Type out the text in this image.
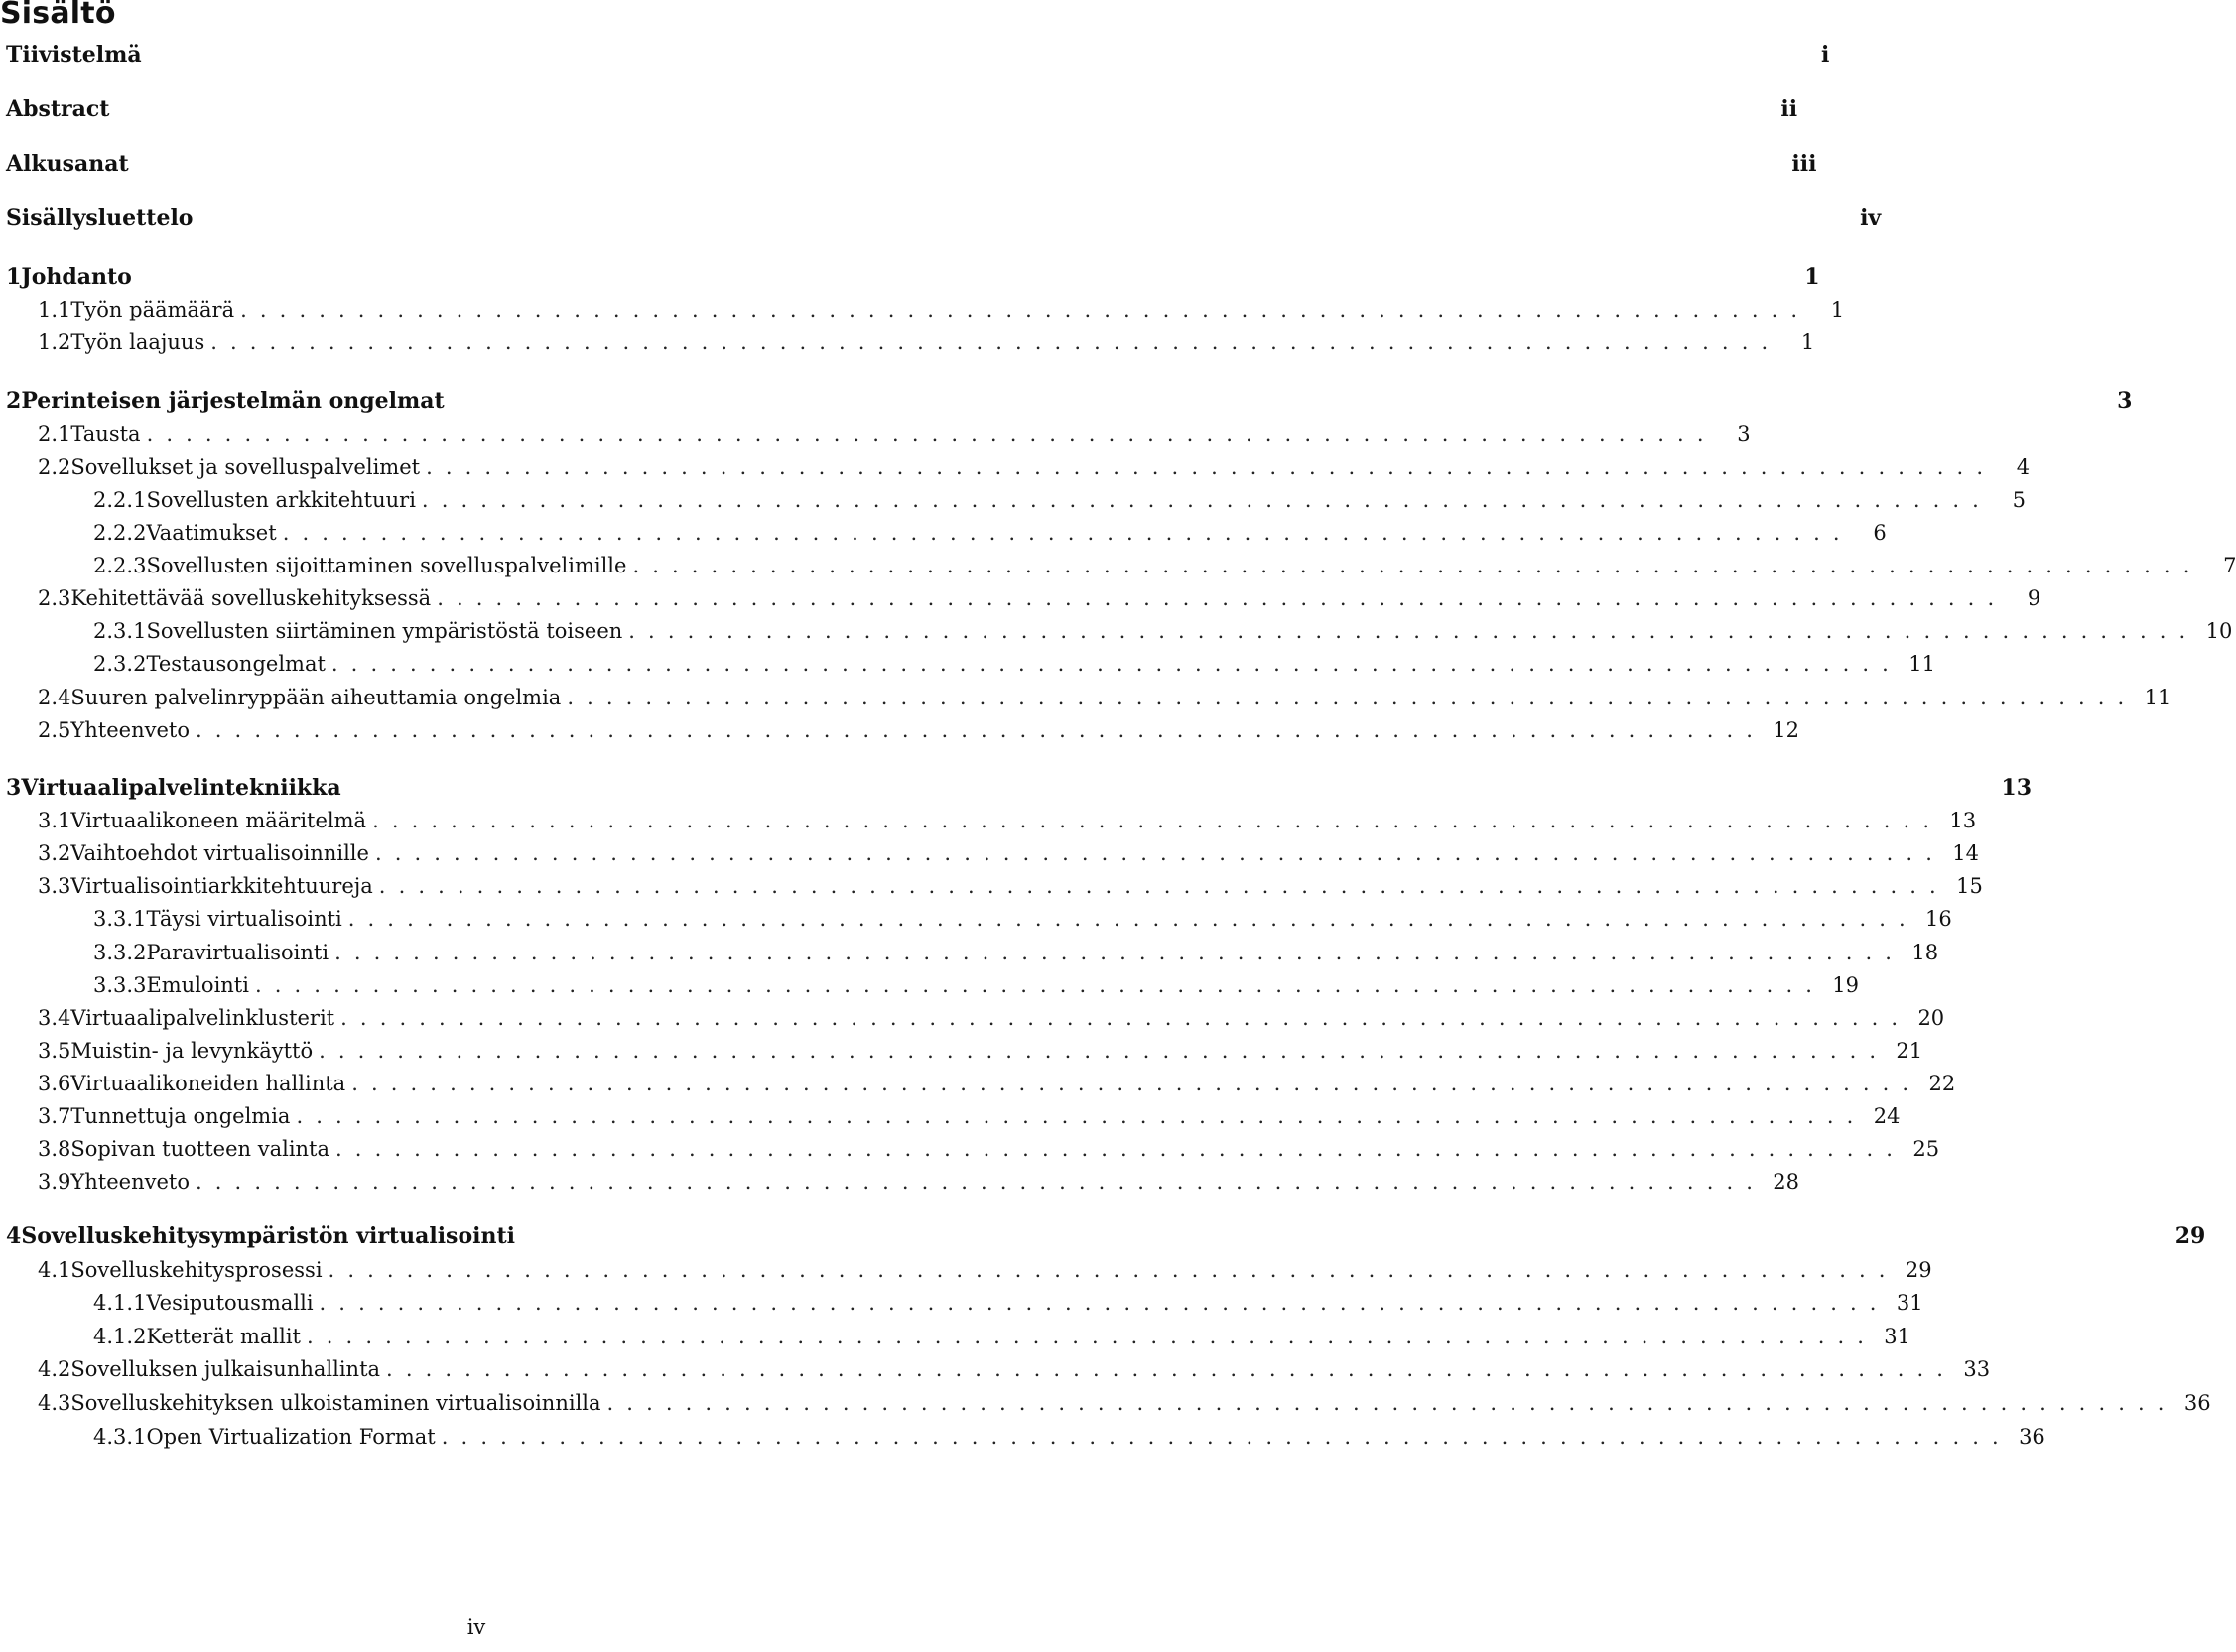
Sisältö
Tiivistelmä	i
Abstract	ii
Alkusanat	iii
Sisällysluettelo	iv
1 Johdanto	1
1.1 Työn päämäärä ................................................................................ 1
1.2 Työn laajuus ................................................................................ 1
2 Perinteisen järjestelmän ongelmat	3
2.1 Tausta ................................................................................ 3
2.2 Sovellukset ja sovelluspalvelimet ................................................................................ 4
2.2.1 Sovellusten arkkitehtuuri ................................................................................ 5
2.2.2 Vaatimukset ................................................................................ 6
2.2.3 Sovellusten sijoittaminen sovelluspalvelimille ................................................................................ 7
2.3 Kehitettävää sovelluskehityksessä ................................................................................ 9
2.3.1 Sovellusten siirtäminen ympäristöstä toiseen ................................................................................ 10
2.3.2 Testausongelmat ................................................................................ 11
2.4 Suuren palvelinryppään aiheuttamia ongelmia ................................................................................ 11
2.5 Yhteenveto ................................................................................ 12
3 Virtuaalipalvelintekniikka	13
3.1 Virtuaalikoneen määritelmä ................................................................................ 13
3.2 Vaihtoehdot virtualisoinnille ................................................................................ 14
3.3 Virtualisointiarkkitehtuureja ................................................................................ 15
3.3.1 Täysi virtualisointi ................................................................................ 16
3.3.2 Paravirtualisointi ................................................................................ 18
3.3.3 Emulointi ................................................................................ 19
3.4 Virtuaalipalvelinklusterit ................................................................................ 20
3.5 Muistin- ja levynkäyttö ................................................................................ 21
3.6 Virtuaalikoneiden hallinta ................................................................................ 22
3.7 Tunnettuja ongelmia ................................................................................ 24
3.8 Sopivan tuotteen valinta ................................................................................ 25
3.9 Yhteenveto ................................................................................ 28
4 Sovelluskehitysympäristön virtualisointi	29
4.1 Sovelluskehitysprosessi ................................................................................ 29
4.1.1 Vesiputousmalli ................................................................................ 31
4.1.2 Ketterät mallit ................................................................................ 31
4.2 Sovelluksen julkaisunhallinta ................................................................................ 33
4.3 Sovelluskehityksen ulkoistaminen virtualisoinnilla ................................................................................ 36
4.3.1 Open Virtualization Format ................................................................................ 36
iv
